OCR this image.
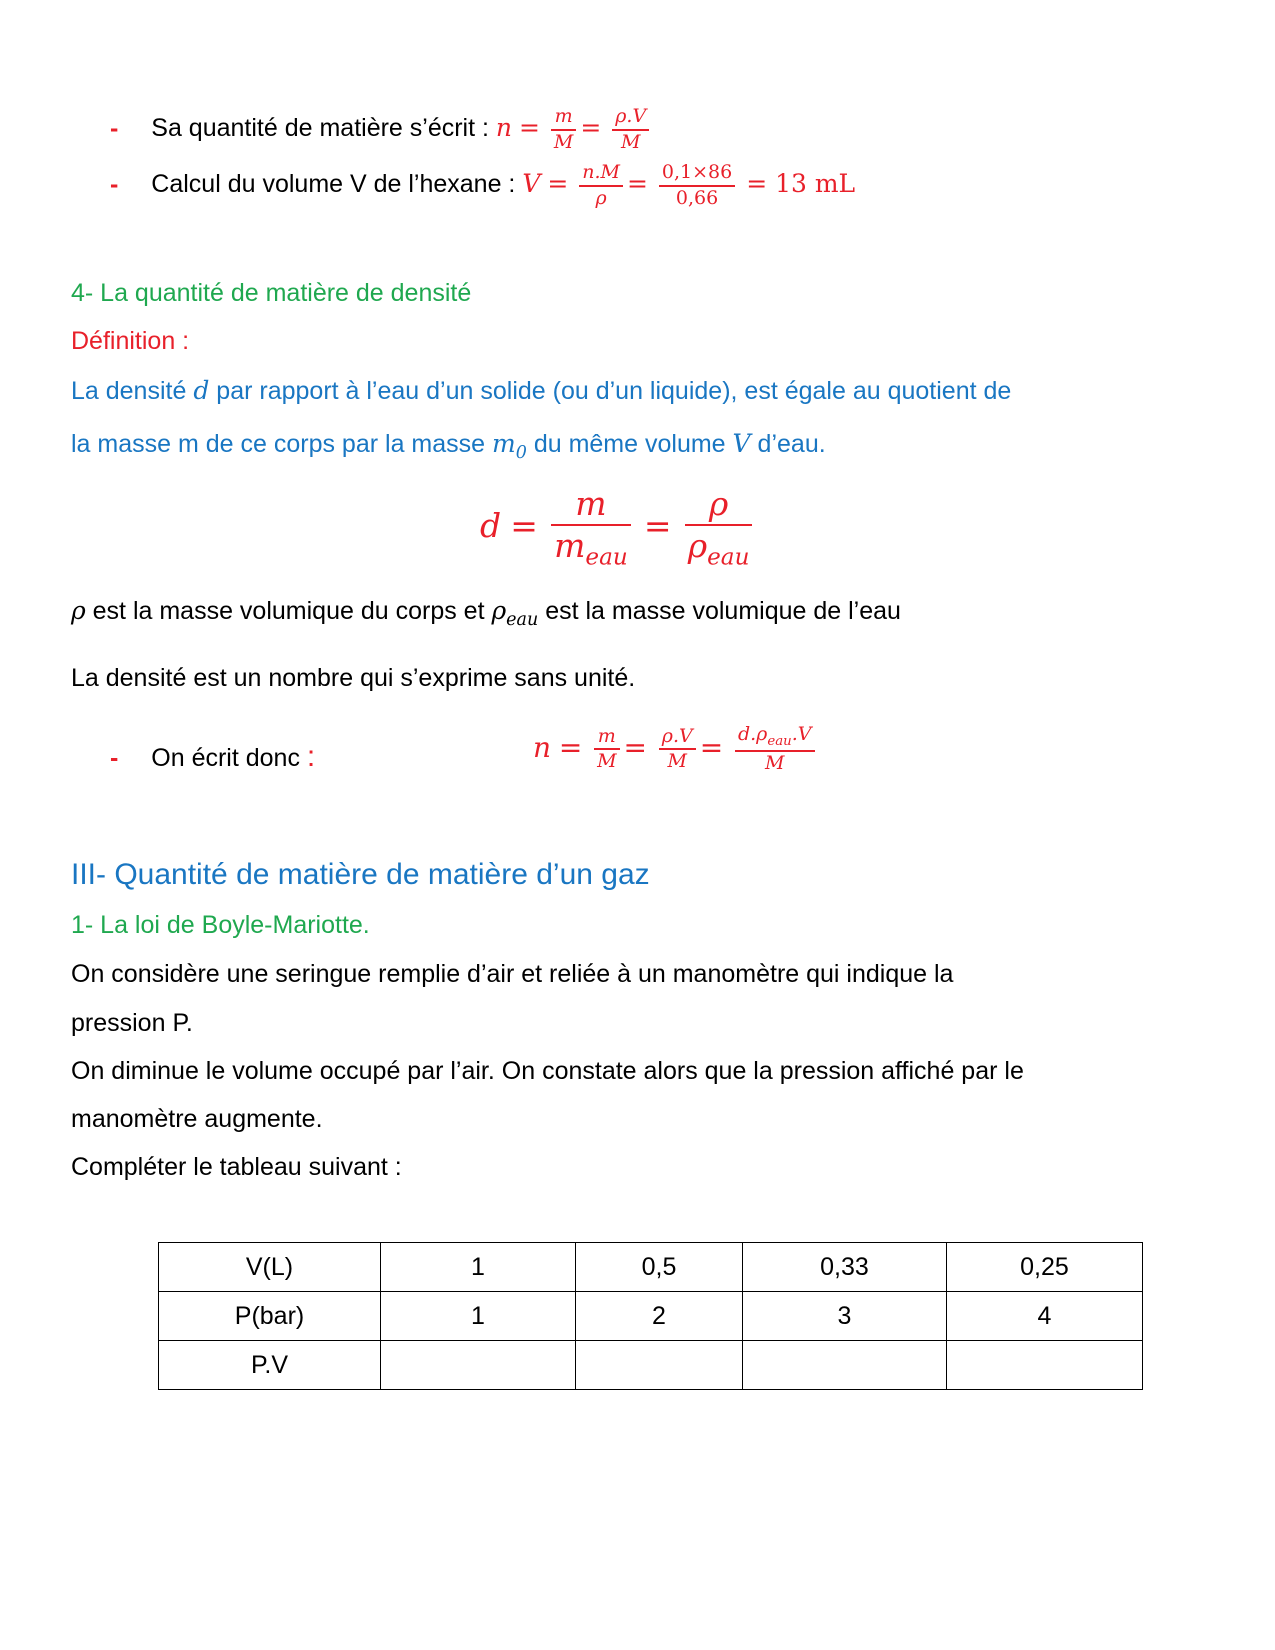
- Sa quantité de matière s’écrit : $n = \frac{m}{M} = \frac{\rho.V}{M}$
- Calcul du volume V de l’hexane : $V = \frac{n.M}{\rho} = \frac{0,1\times 86}{0,66} = 13$ mL
4- La quantité de matière de densité
Définition :
La densité d par rapport à l’eau d’un solide (ou d’un liquide), est égale au quotient de
la masse m de ce corps par la masse $m_0$ du même volume V d’eau.
$d = \frac{m}{m_{eau}} = \frac{\rho}{\rho_{eau}}$
ρ est la masse volumique du corps et $\rho_{eau}$ est la masse volumique de l’eau
La densité est un nombre qui s’exprime sans unité.
- On écrit donc :	$n = \frac{m}{M} = \frac{\rho.V}{M} = \frac{d.\rho_{eau}.V}{M}$
III- Quantité de matière de matière d’un gaz
1- La loi de Boyle-Mariotte.
On considère une seringue remplie d’air et reliée à un manomètre qui indique la
pression P.
On diminue le volume occupé par l’air. On constate alors que la pression affiché par le
manomètre augmente.
Compléter le tableau suivant :
V(L)	1	0,5	0,33	0,25
P(bar)	1	2	3	4
P.V				
